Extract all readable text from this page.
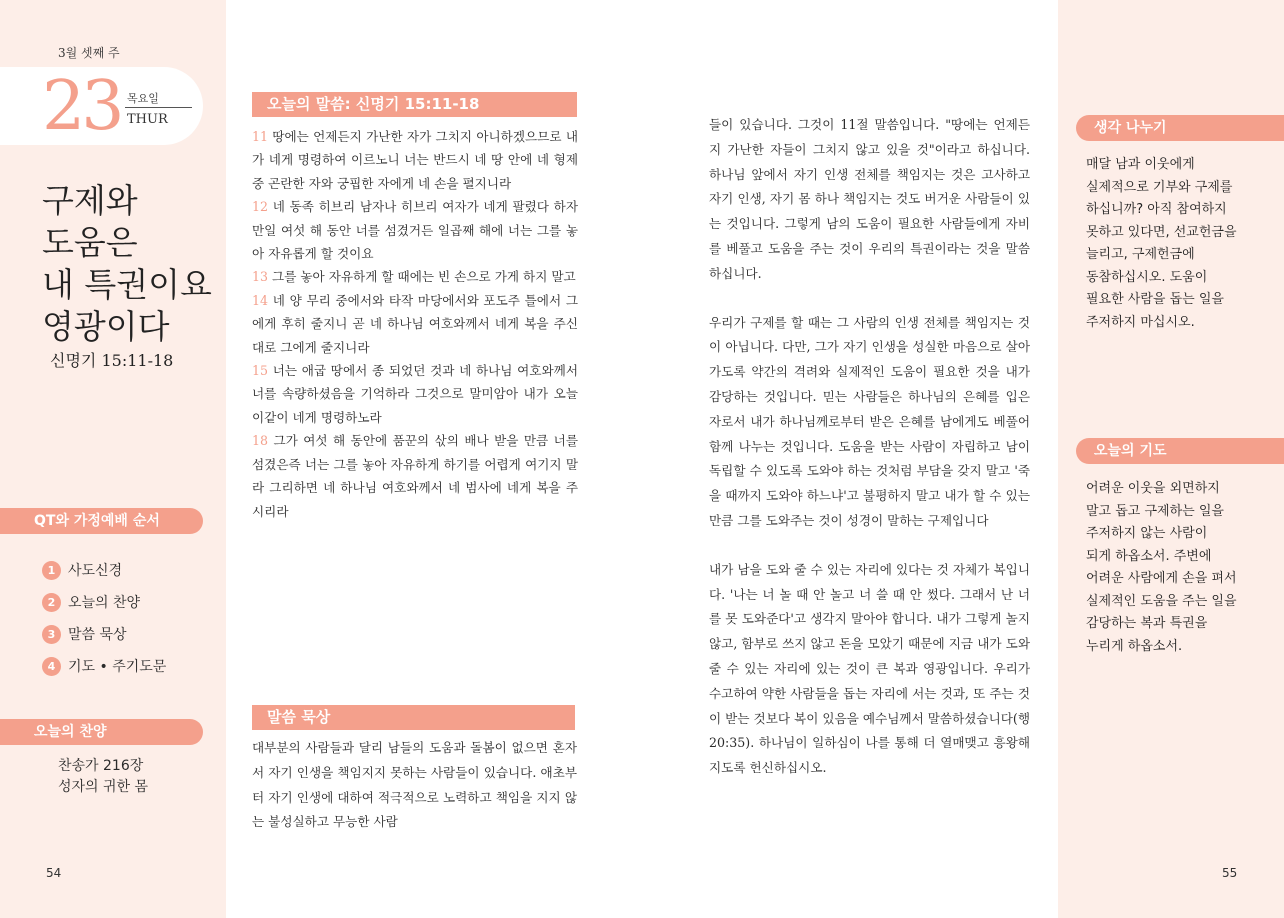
3월 셋째 주
23 목요일
THUR
구제와
도움은
내 특권이요
영광이다
신명기 15:11-18
QT와 가정예배 순서
1 사도신경
2 오늘의 찬양
3 말씀 묵상
4 기도 • 주기도문
오늘의 찬양
찬송가 216장
성자의 귀한 몸
54
오늘의 말씀: 신명기 15:11-18

11 땅에는 언제든지 가난한 자가 그치지 아니하겠으므로 내가 네게 명령하여 이르노니 너는 반드시 네 땅 안에 네 형제 중 곤란한 자와 궁핍한 자에게 네 손을 펼지니라

12 네 동족 히브리 남자나 히브리 여자가 네게 팔렸다 하자 만일 여섯 해 동안 너를 섬겼거든 일곱째 해에 너는 그를 놓아 자유롭게 할 것이요

13 그를 놓아 자유하게 할 때에는 빈 손으로 가게 하지 말고

14 네 양 무리 중에서와 타작 마당에서와 포도주 틀에서 그에게 후히 줄지니 곧 네 하나님 여호와께서 네게 복을 주신 대로 그에게 줄지니라

15 너는 애굽 땅에서 종 되었던 것과 네 하나님 여호와께서 너를 속량하셨음을 기억하라 그것으로 말미암아 내가 오늘 이같이 네게 명령하노라

18 그가 여섯 해 동안에 품꾼의 삯의 배나 받을 만큼 너를 섬겼은즉 너는 그를 놓아 자유하게 하기를 어렵게 여기지 말라 그리하면 네 하나님 여호와께서 네 범사에 네게 복을 주시리라

말씀 묵상

대부분의 사람들과 달리 남들의 도움과 돌봄이 없으면 혼자서 자기 인생을 책임지지 못하는 사람들이 있습니다. 애초부터 자기 인생에 대하여 적극적으로 노력하고 책임을 지지 않는 불성실하고 무능한 사람

들이 있습니다. 그것이 11절 말씀입니다. "땅에는 언제든지 가난한 자들이 그치지 않고 있을 것"이라고 하십니다. 하나님 앞에서 자기 인생 전체를 책임지는 것은 고사하고 자기 인생, 자기 몸 하나 책임지는 것도 버거운 사람들이 있는 것입니다. 그렇게 남의 도움이 필요한 사람들에게 자비를 베풀고 도움을 주는 것이 우리의 특권이라는 것을 말씀하십니다.

우리가 구제를 할 때는 그 사람의 인생 전체를 책임지는 것이 아닙니다. 다만, 그가 자기 인생을 성실한 마음으로 살아가도록 약간의 격려와 실제적인 도움이 필요한 것을 내가 감당하는 것입니다. 믿는 사람들은 하나님의 은혜를 입은 자로서 내가 하나님께로부터 받은 은혜를 남에게도 베풀어 함께 나누는 것입니다. 도움을 받는 사람이 자립하고 남이 독립할 수 있도록 도와야 하는 것처럼 부담을 갖지 말고 '죽을 때까지 도와야 하느냐'고 불평하지 말고 내가 할 수 있는 만큼 그를 도와주는 것이 성경이 말하는 구제입니다

내가 남을 도와 줄 수 있는 자리에 있다는 것 자체가 복입니다. '나는 너 놀 때 안 놀고 너 쓸 때 안 썼다. 그래서 난 너를 못 도와준다'고 생각지 말아야 합니다. 내가 그렇게 놀지 않고, 함부로 쓰지 않고 돈을 모았기 때문에 지금 내가 도와줄 수 있는 자리에 있는 것이 큰 복과 영광입니다. 우리가 수고하여 약한 사람들을 돕는 자리에 서는 것과, 또 주는 것이 받는 것보다 복이 있음을 예수님께서 말씀하셨습니다(행 20:35). 하나님이 일하심이 나를 통해 더 열매맺고 흥왕해지도록 헌신하십시오.

생각 나누기
매달 남과 이웃에게
실제적으로 기부와 구제를
하십니까? 아직 참여하지
못하고 있다면, 선교헌금을
늘리고, 구제헌금에
동참하십시오. 도움이
필요한 사람을 돕는 일을
주저하지 마십시오.
오늘의 기도
어려운 이웃을 외면하지
말고 돕고 구제하는 일을
주저하지 않는 사람이
되게 하옵소서. 주변에
어려운 사람에게 손을 펴서
실제적인 도움을 주는 일을
감당하는 복과 특권을
누리게 하옵소서.
55
